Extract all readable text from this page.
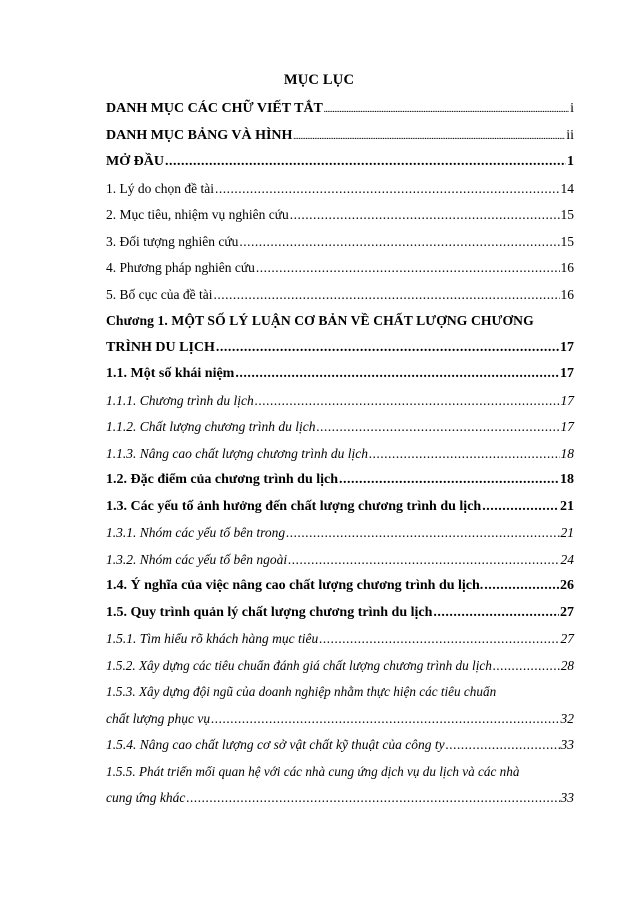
MỤC LỤC
DANH MỤC CÁC CHỮ VIẾT TẮT .....	i
DANH MỤC BẢNG VÀ HÌNH .....	ii
MỞ ĐẦU .....	1
1. Lý do chọn đề tài .....	14
2. Mục tiêu, nhiệm vụ nghiên cứu .....	15
3. Đối tượng nghiên cứu .....	15
4. Phương pháp nghiên cứu .....	16
5. Bố cục của đề tài .....	16
Chương 1. MỘT SỐ LÝ LUẬN CƠ BẢN VỀ CHẤT LƯỢNG CHƯƠNG
TRÌNH DU LỊCH .....	17
1.1. Một số khái niệm .....	17
1.1.1. Chương trình du lịch .....	17
1.1.2. Chất lượng chương trình du lịch .....	17
1.1.3. Nâng cao chất lượng chương trình du lịch .....	18
1.2. Đặc điểm của chương trình du lịch .....	18
1.3. Các yếu tố ảnh hưởng đến chất lượng chương trình du lịch .....	21
1.3.1. Nhóm các yếu tố bên trong .....	21
1.3.2. Nhóm các yếu tố bên ngoài .....	24
1.4. Ý nghĩa của việc nâng cao chất lượng chương trình du lịch. .....	26
1.5. Quy trình quản lý chất lượng chương trình du lịch .....	27
1.5.1. Tìm hiểu rõ khách hàng mục tiêu .....	27
1.5.2. Xây dựng các tiêu chuẩn đánh giá chất lượng chương trình du lịch .....	28
1.5.3. Xây dựng đội ngũ của doanh nghiệp nhằm thực hiện các tiêu chuẩn
chất lượng phục vụ .....	32
1.5.4. Nâng cao chất lượng cơ sở vật chất kỹ thuật của công ty .....	33
1.5.5. Phát triển mối quan hệ với các nhà cung ứng dịch vụ du lịch và các nhà
cung ứng khác .....	33
